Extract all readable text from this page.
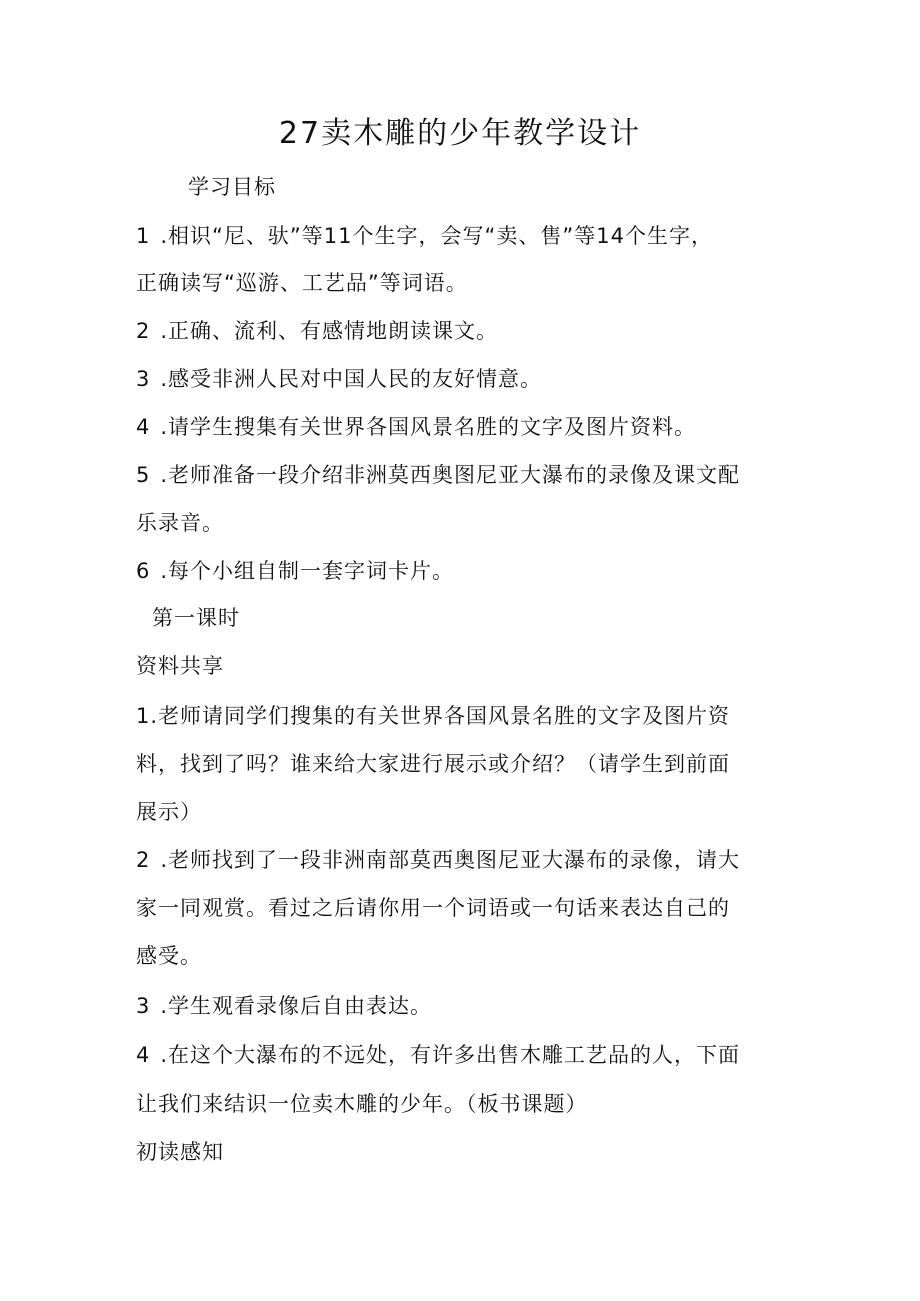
27卖木雕的少年教学设计
学习目标
1 .相识“尼、驮”等11个生字，会写“卖、售”等14个生字，
正确读写“巡游、工艺品”等词语。
2 .正确、流利、有感情地朗读课文。
3 .感受非洲人民对中国人民的友好情意。
4 .请学生搜集有关世界各国风景名胜的文字及图片资料。
5 .老师准备一段介绍非洲莫西奥图尼亚大瀑布的录像及课文配
乐录音。
6 .每个小组自制一套字词卡片。
第一课时
资料共享
1.老师请同学们搜集的有关世界各国风景名胜的文字及图片资
料，找到了吗？谁来给大家进行展示或介绍？（请学生到前面
展示）
2 .老师找到了一段非洲南部莫西奥图尼亚大瀑布的录像，请大
家一同观赏。看过之后请你用一个词语或一句话来表达自己的
感受。
3 .学生观看录像后自由表达。
4 .在这个大瀑布的不远处，有许多出售木雕工艺品的人，下面
让我们来结识一位卖木雕的少年。（板书课题）
初读感知
